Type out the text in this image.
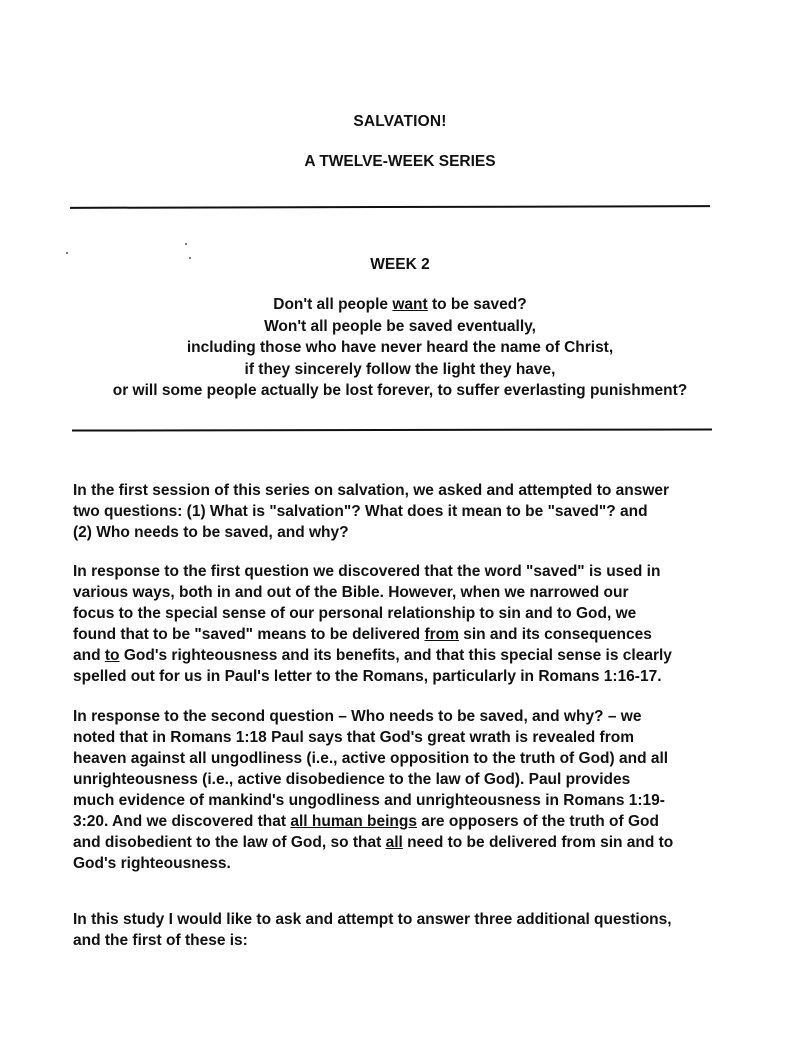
SALVATION!
A TWELVE-WEEK SERIES
WEEK 2
Don't all people want to be saved?
Won't all people be saved eventually,
including those who have never heard the name of Christ,
if they sincerely follow the light they have,
or will some people actually be lost forever, to suffer everlasting punishment?
In the first session of this series on salvation, we asked and attempted to answer
two questions: (1) What is "salvation"? What does it mean to be "saved"? and
(2) Who needs to be saved, and why?
In response to the first question we discovered that the word "saved" is used in
various ways, both in and out of the Bible. However, when we narrowed our
focus to the special sense of our personal relationship to sin and to God, we
found that to be "saved" means to be delivered from sin and its consequences
and to God's righteousness and its benefits, and that this special sense is clearly
spelled out for us in Paul's letter to the Romans, particularly in Romans 1:16-17.
In response to the second question – Who needs to be saved, and why? – we
noted that in Romans 1:18 Paul says that God's great wrath is revealed from
heaven against all ungodliness (i.e., active opposition to the truth of God) and all
unrighteousness (i.e., active disobedience to the law of God). Paul provides
much evidence of mankind's ungodliness and unrighteousness in Romans 1:19-
3:20. And we discovered that all human beings are opposers of the truth of God
and disobedient to the law of God, so that all need to be delivered from sin and to
God's righteousness.
In this study I would like to ask and attempt to answer three additional questions,
and the first of these is:
